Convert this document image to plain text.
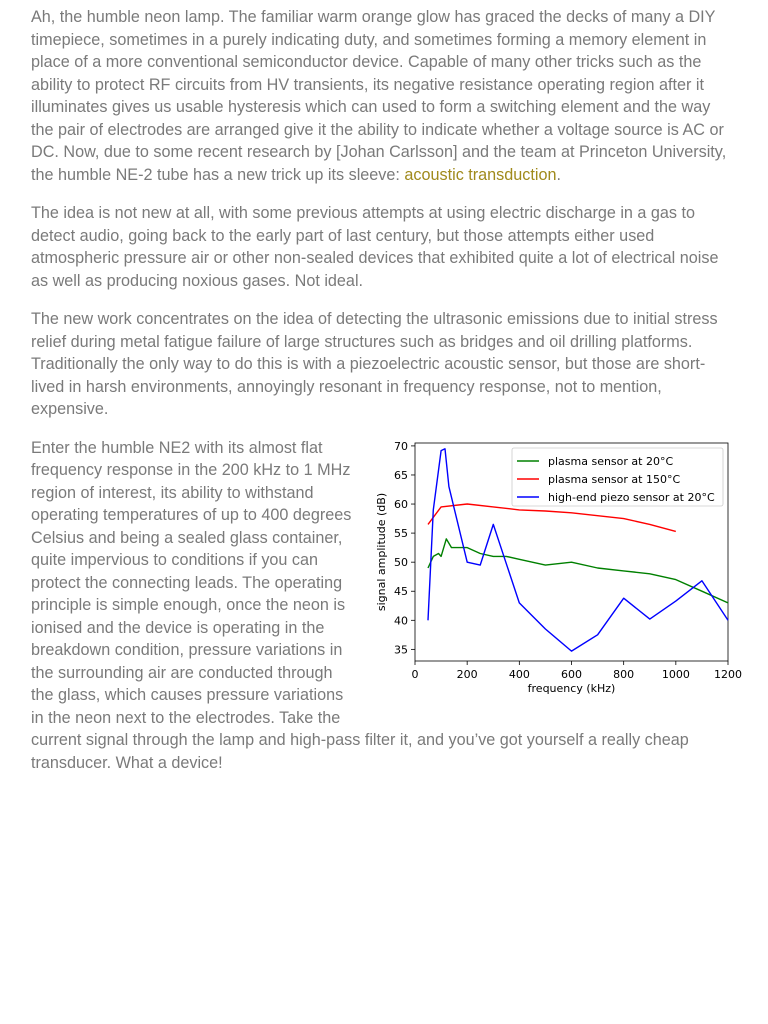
Ah, the humble neon lamp. The familiar warm orange glow has graced the decks of many a DIY timepiece, sometimes in a purely indicating duty, and sometimes forming a memory element in place of a more conventional semiconductor device. Capable of many other tricks such as the ability to protect RF circuits from HV transients, its negative resistance operating region after it illuminates gives us usable hysteresis which can used to form a switching element and the way the pair of electrodes are arranged give it the ability to indicate whether a voltage source is AC or DC. Now, due to some recent research by [Johan Carlsson] and the team at Princeton University, the humble NE-2 tube has a new trick up its sleeve: acoustic transduction.

The idea is not new at all, with some previous attempts at using electric discharge in a gas to detect audio, going back to the early part of last century, but those attempts either used atmospheric pressure air or other non-sealed devices that exhibited quite a lot of electrical noise as well as producing noxious gases. Not ideal.

The new work concentrates on the idea of detecting the ultrasonic emissions due to initial stress relief during metal fatigue failure of large structures such as bridges and oil drilling platforms. Traditionally the only way to do this is with a piezoelectric acoustic sensor, but those are short-lived in harsh environments, annoyingly resonant in frequency response, not to mention, expensive.

0	200	400	600	800	1000 1200
35
40
45
50
55
60
65
70
frequency (kHz)
signal amplitude (dB)
plasma sensor at 20°C
plasma sensor at 150°C
high-end piezo sensor at 20°C

Enter the humble NE2 with its almost flat frequency response in the 200 kHz to 1 MHz region of interest, its ability to withstand operating temperatures of up to 400 degrees Celsius and being a sealed glass container, quite impervious to conditions if you can protect the connecting leads. The operating principle is simple enough, once the neon is ionised and the device is operating in the breakdown condition, pressure variations in the surrounding air are conducted through the glass, which causes pressure variations in the neon next to the electrodes. Take the current signal through the lamp and high-pass filter it, and you’ve got yourself a really cheap transducer. What a device!
